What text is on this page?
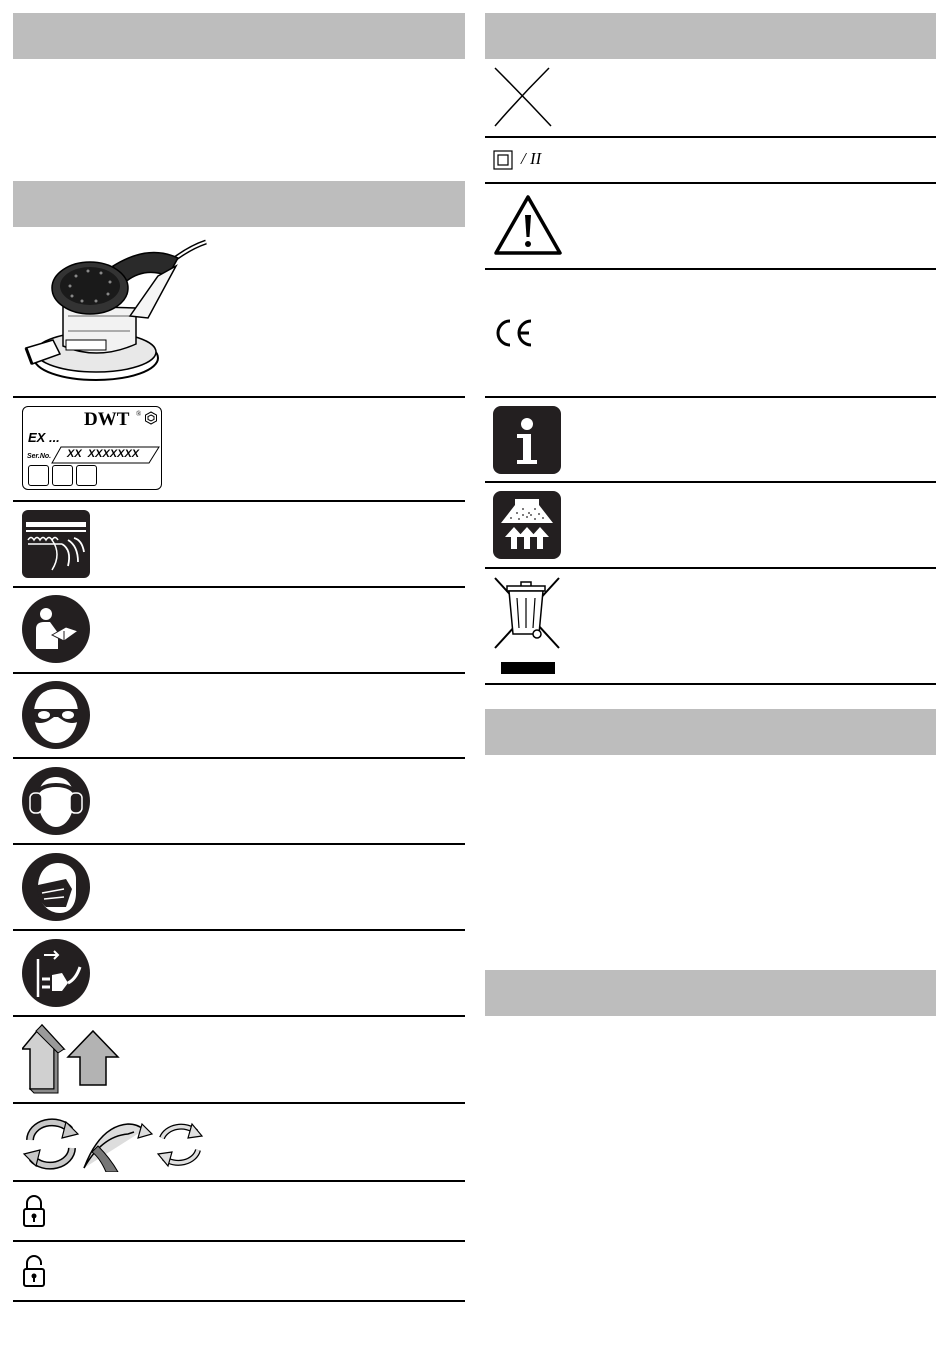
DWT ®
EX ...
Ser.No. XX  XXXXXXX
/ II
